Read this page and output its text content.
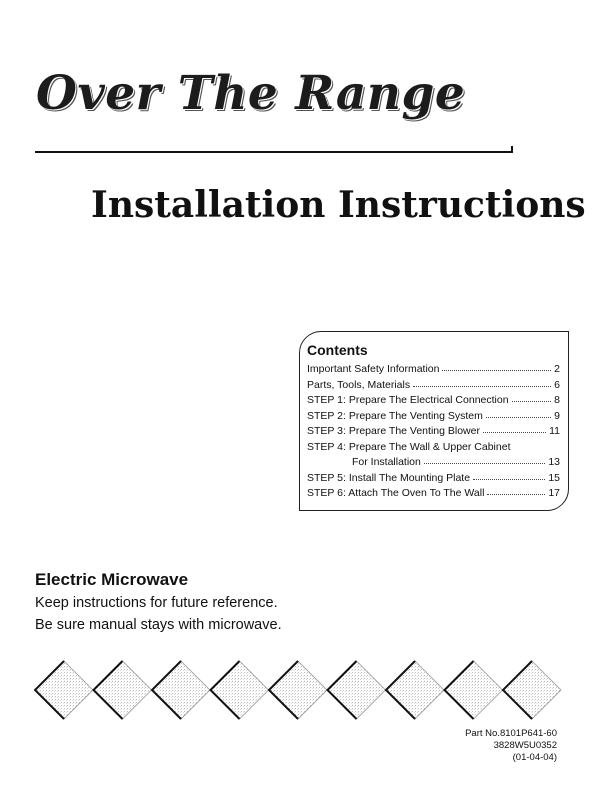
Over The Range
Installation Instructions
Contents
Important Safety Information	2
Parts, Tools, Materials	6
STEP 1: Prepare The Electrical Connection	8
STEP 2: Prepare The Venting System	9
STEP 3: Prepare The Venting Blower	11
STEP 4: Prepare The Wall & Upper Cabinet
For Installation	13
STEP 5: Install The Mounting Plate	15
STEP 6: Attach The Oven To The Wall	17
Electric Microwave
Keep instructions for future reference.
Be sure manual stays with microwave.
Part No.8101P641-60
3828W5U0352
(01-04-04)
